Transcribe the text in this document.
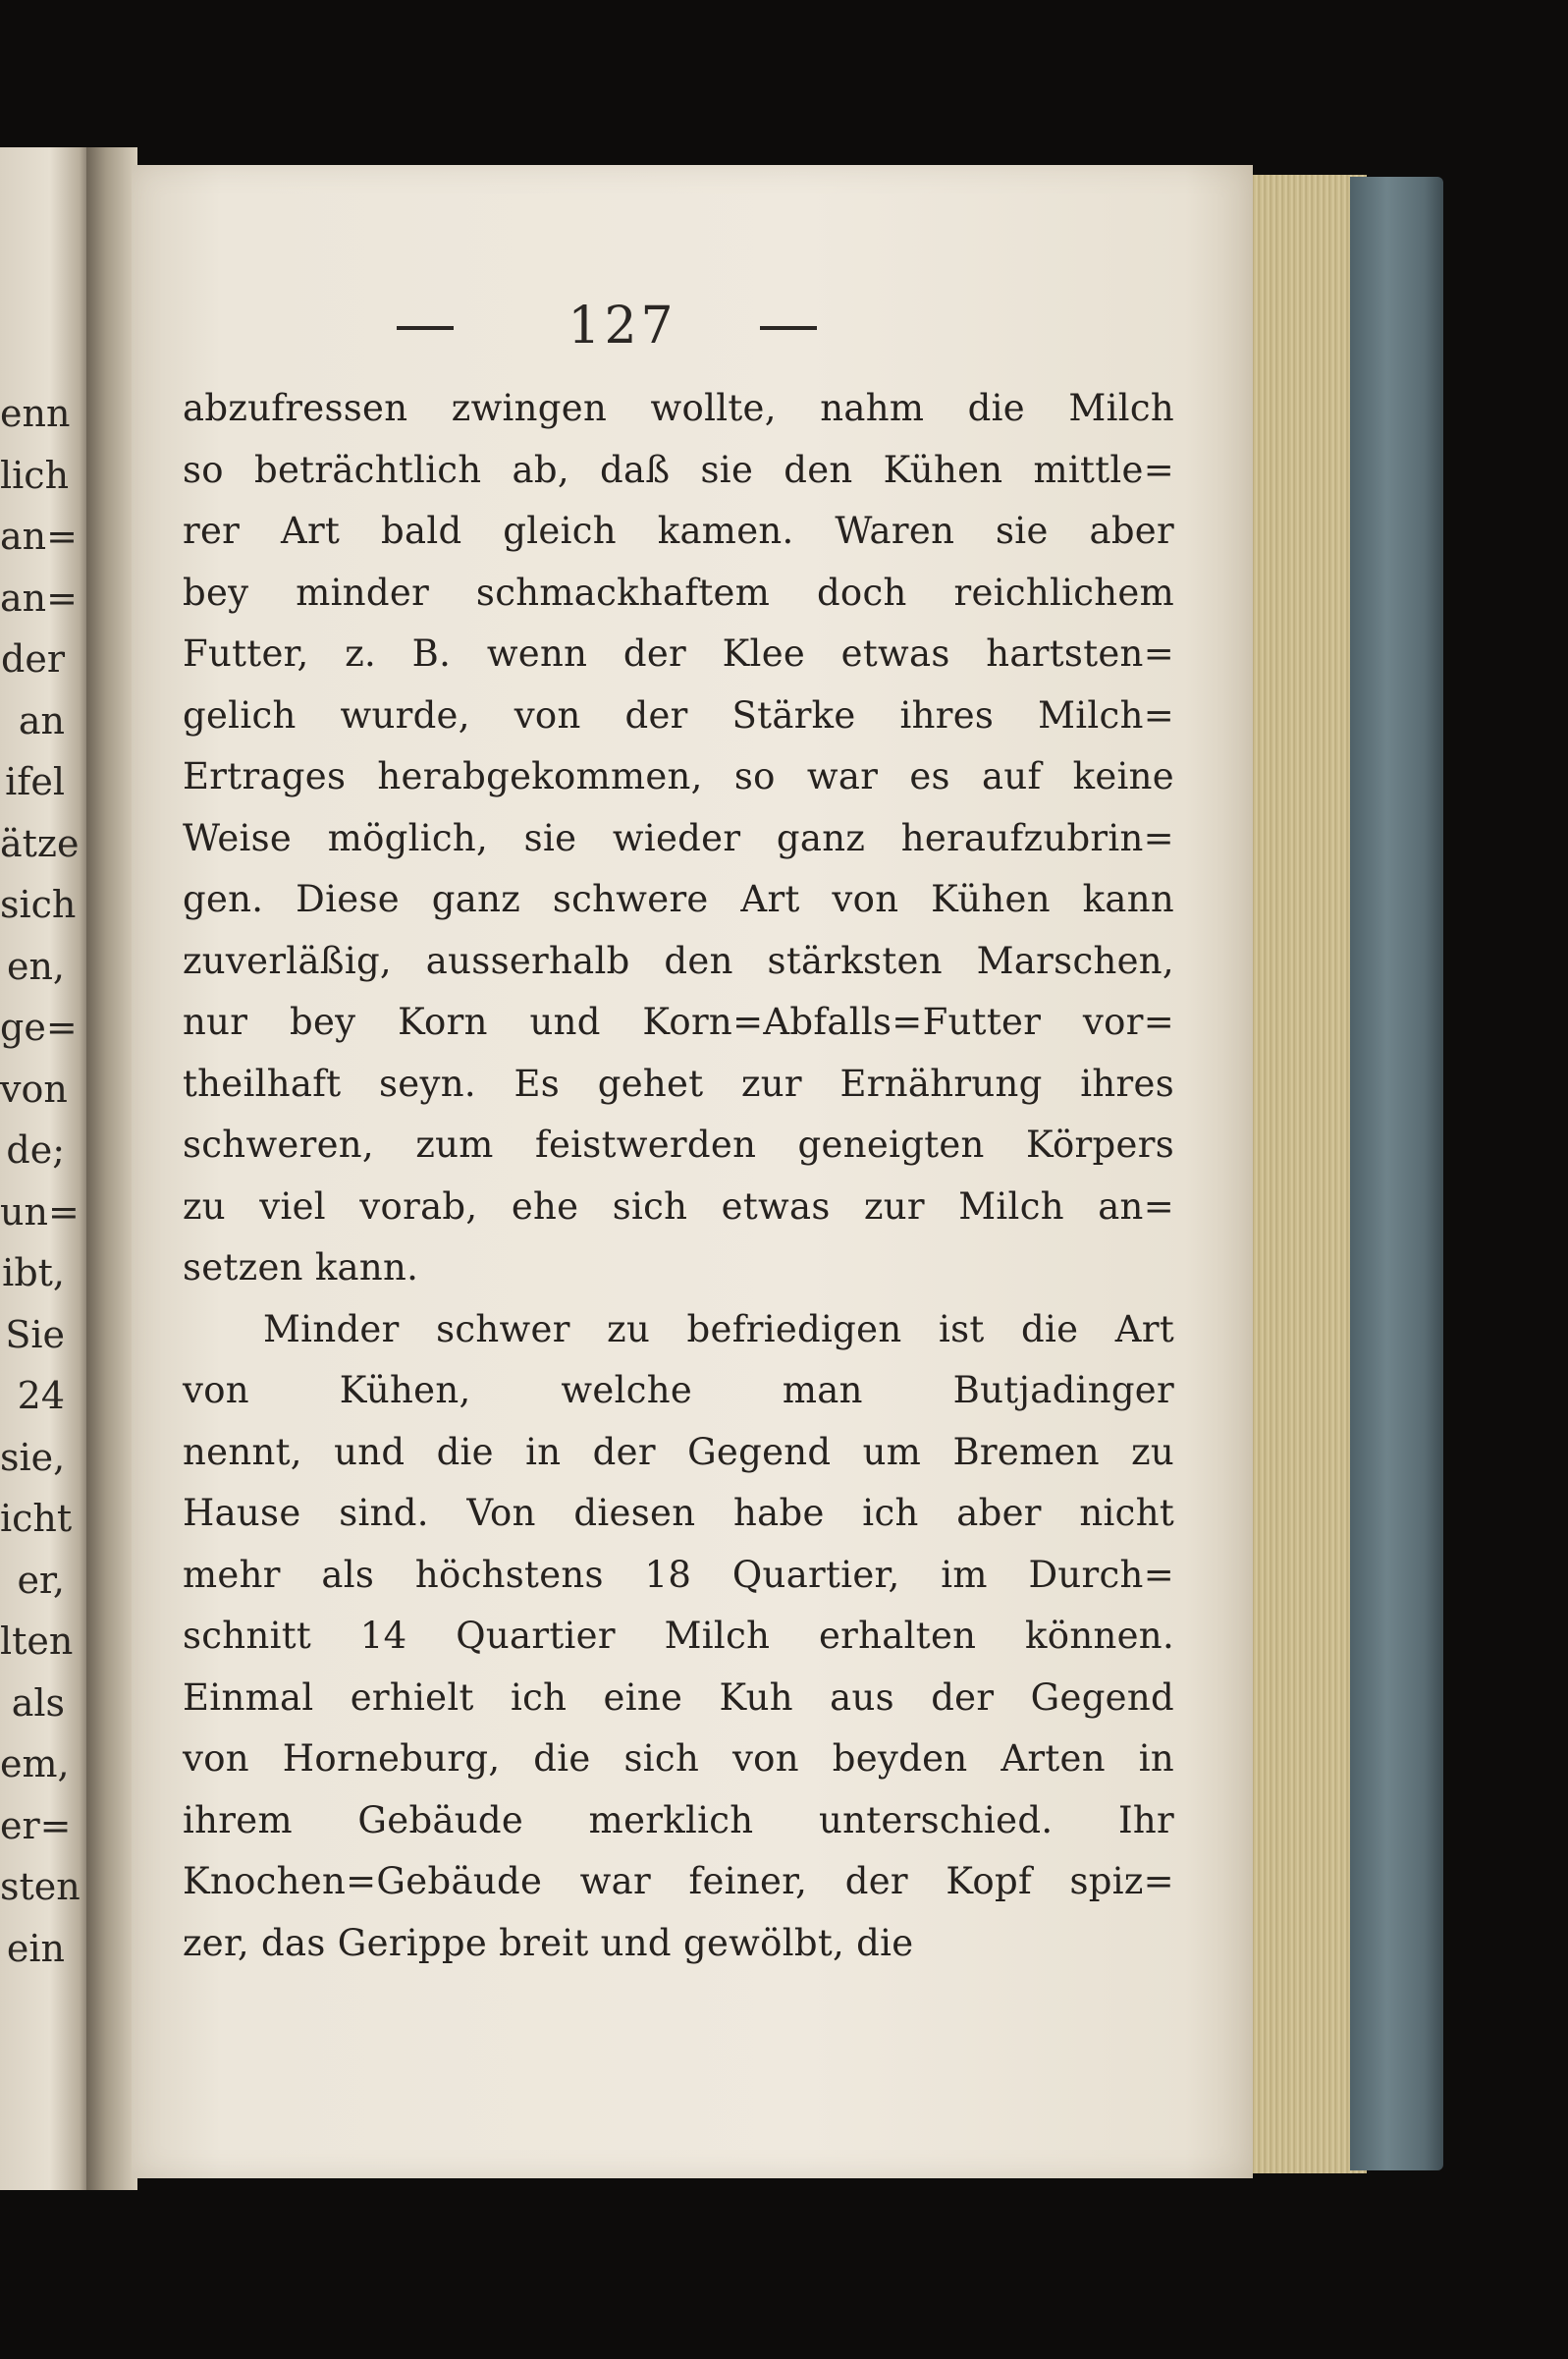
enn
lich
an=
an=
der
an
ifel
ätze
sich
en,
ge=
von
de;
un=
ibt,
Sie
24
sie,
icht
er,
lten
als
em,
er=
sten
ein
127
abzufressen zwingen wollte, nahm die Milch
so beträchtlich ab, daß sie den Kühen mittle=
rer Art bald gleich kamen. Waren sie aber
bey minder schmackhaftem doch reichlichem
Futter, z. B. wenn der Klee etwas hartsten=
gelich wurde, von der Stärke ihres Milch=
Ertrages herabgekommen, so war es auf keine
Weise möglich, sie wieder ganz heraufzubrin=
gen. Diese ganz schwere Art von Kühen kann
zuverläßig, ausserhalb den stärksten Marschen,
nur bey Korn und Korn=Abfalls=Futter vor=
theilhaft seyn. Es gehet zur Ernährung ihres
schweren, zum feistwerden geneigten Körpers
zu viel vorab, ehe sich etwas zur Milch an=
setzen kann.
Minder schwer zu befriedigen ist die Art
von Kühen, welche man Butjadinger
nennt, und die in der Gegend um Bremen zu
Hause sind. Von diesen habe ich aber nicht
mehr als höchstens 18 Quartier, im Durch=
schnitt 14 Quartier Milch erhalten können.
Einmal erhielt ich eine Kuh aus der Gegend
von Horneburg, die sich von beyden Arten in
ihrem Gebäude merklich unterschied. Ihr
Knochen=Gebäude war feiner, der Kopf spiz=
zer, das Gerippe breit und gewölbt, die
